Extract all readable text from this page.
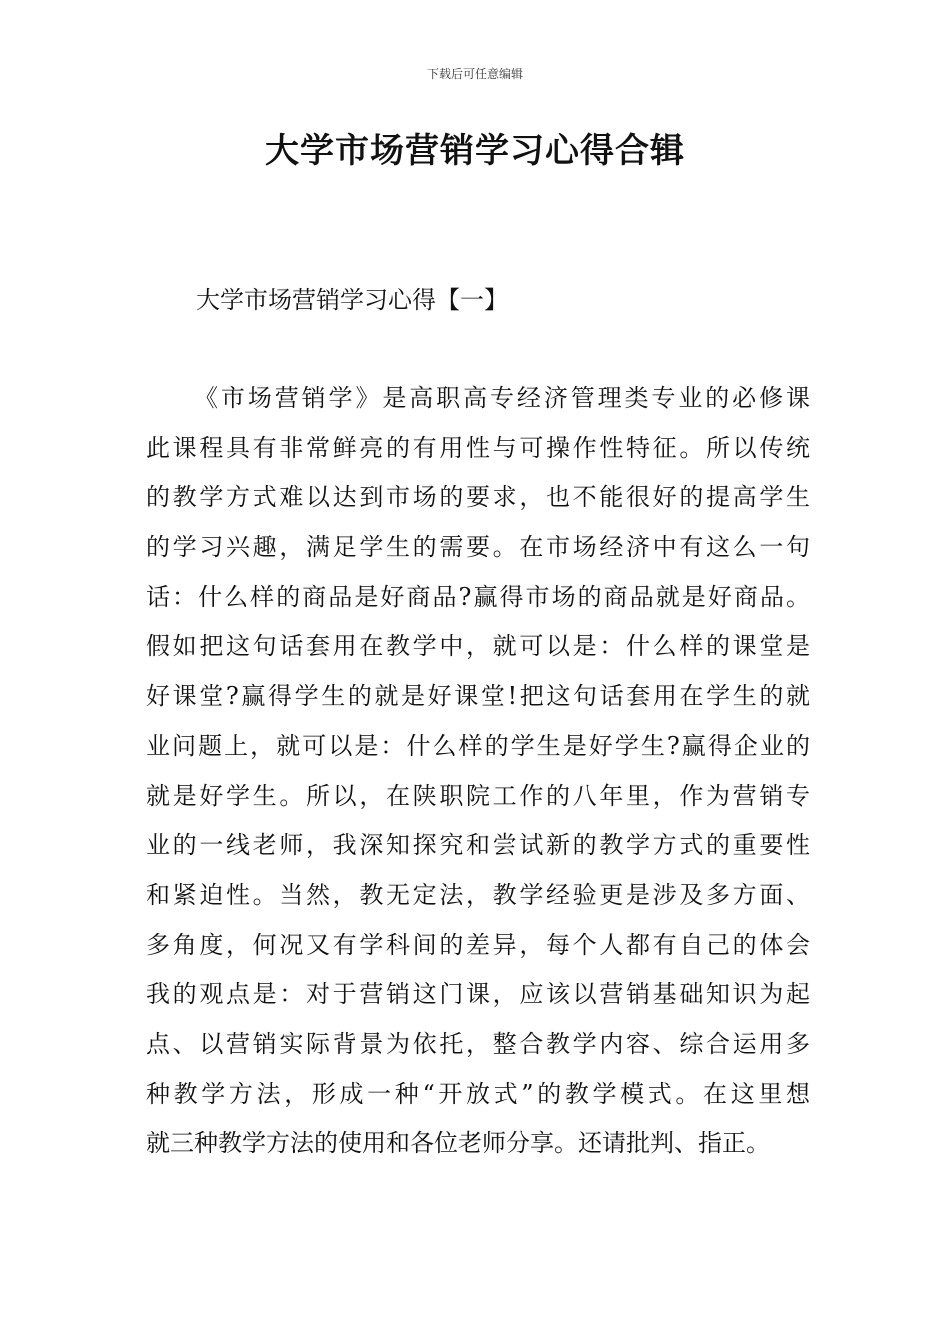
下载后可任意编辑
大学市场营销学习心得合辑
大学市场营销学习心得【一】
《市场营销学》是高职高专经济管理类专业的必修课
此课程具有非常鲜亮的有用性与可操作性特征。所以传统
的教学方式难以达到市场的要求，也不能很好的提高学生
的学习兴趣，满足学生的需要。在市场经济中有这么一句
话：什么样的商品是好商品?赢得市场的商品就是好商品。
假如把这句话套用在教学中，就可以是：什么样的课堂是
好课堂?赢得学生的就是好课堂!把这句话套用在学生的就
业问题上，就可以是：什么样的学生是好学生?赢得企业的
就是好学生。所以，在陕职院工作的八年里，作为营销专
业的一线老师，我深知探究和尝试新的教学方式的重要性
和紧迫性。当然，教无定法，教学经验更是涉及多方面、
多角度，何况又有学科间的差异，每个人都有自己的体会
我的观点是：对于营销这门课，应该以营销基础知识为起
点、以营销实际背景为依托，整合教学内容、综合运用多
种教学方法，形成一种“开放式”的教学模式。在这里想
就三种教学方法的使用和各位老师分享。还请批判、指正。
